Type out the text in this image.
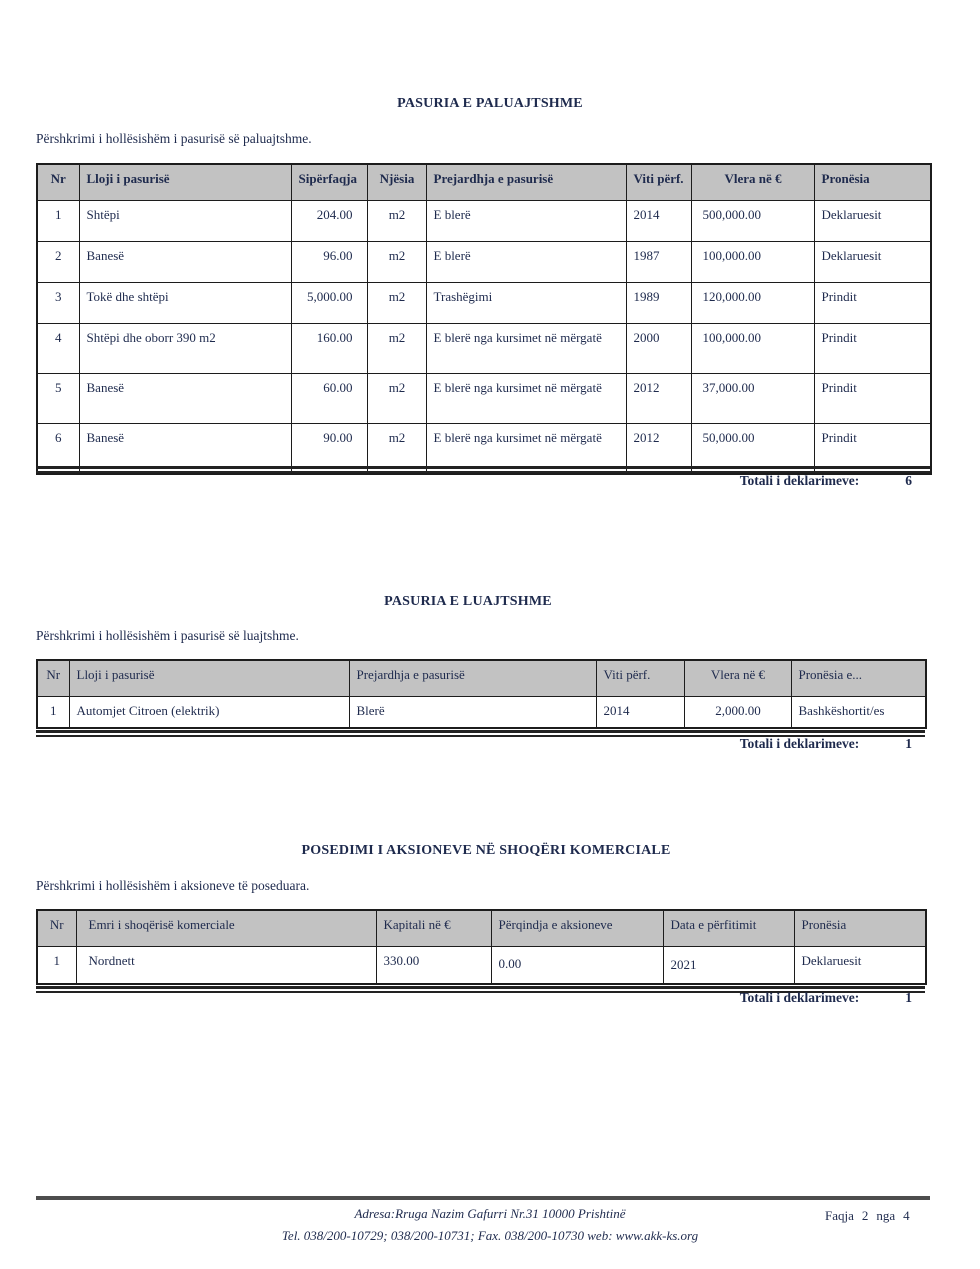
PASURIA E PALUAJTSHME
Përshkrimi i hollësishëm i pasurisë së paluajtshme.
Nr	Lloji i pasurisë	Sipërfaqja	Njësia	Prejardhja e pasurisë	Viti përf.	Vlera në €	Pronësia
1	Shtëpi	204.00	m2	E blerë	2014	500,000.00	Deklaruesit
2	Banesë	96.00	m2	E blerë	1987	100,000.00	Deklaruesit
3	Tokë dhe shtëpi	5,000.00	m2	Trashëgimi	1989	120,000.00	Prindit
4	Shtëpi dhe oborr 390 m2	160.00	m2	E blerë nga kursimet në mërgatë	2000	100,000.00	Prindit
5	Banesë	60.00	m2	E blerë nga kursimet në mërgatë	2012	37,000.00	Prindit
6	Banesë	90.00	m2	E blerë nga kursimet në mërgatë	2012	50,000.00	Prindit
Totali i deklarimeve:	6
PASURIA E LUAJTSHME
Përshkrimi i hollësishëm i pasurisë së luajtshme.
Nr	Lloji i pasurisë	Prejardhja e pasurisë	Viti përf.	Vlera në €	Pronësia e...
1	Automjet Citroen (elektrik)	Blerë	2014	2,000.00	Bashkëshortit/es
Totali i deklarimeve:	1
POSEDIMI I AKSIONEVE NË SHOQËRI KOMERCIALE
Përshkrimi i hollësishëm i aksioneve të poseduara.
Nr	Emri i shoqërisë komerciale	Kapitali në €	Përqindja e aksioneve	Data e përfitimit	Pronësia
1	Nordnett	330.00	0.00	2021	Deklaruesit
Totali i deklarimeve:	1
Adresa:Rruga Nazim Gafurri Nr.31 10000 Prishtinë
Tel. 038/200-10729; 038/200-10731; Fax. 038/200-10730 web: www.akk-ks.org
Faqja 2 nga 4
